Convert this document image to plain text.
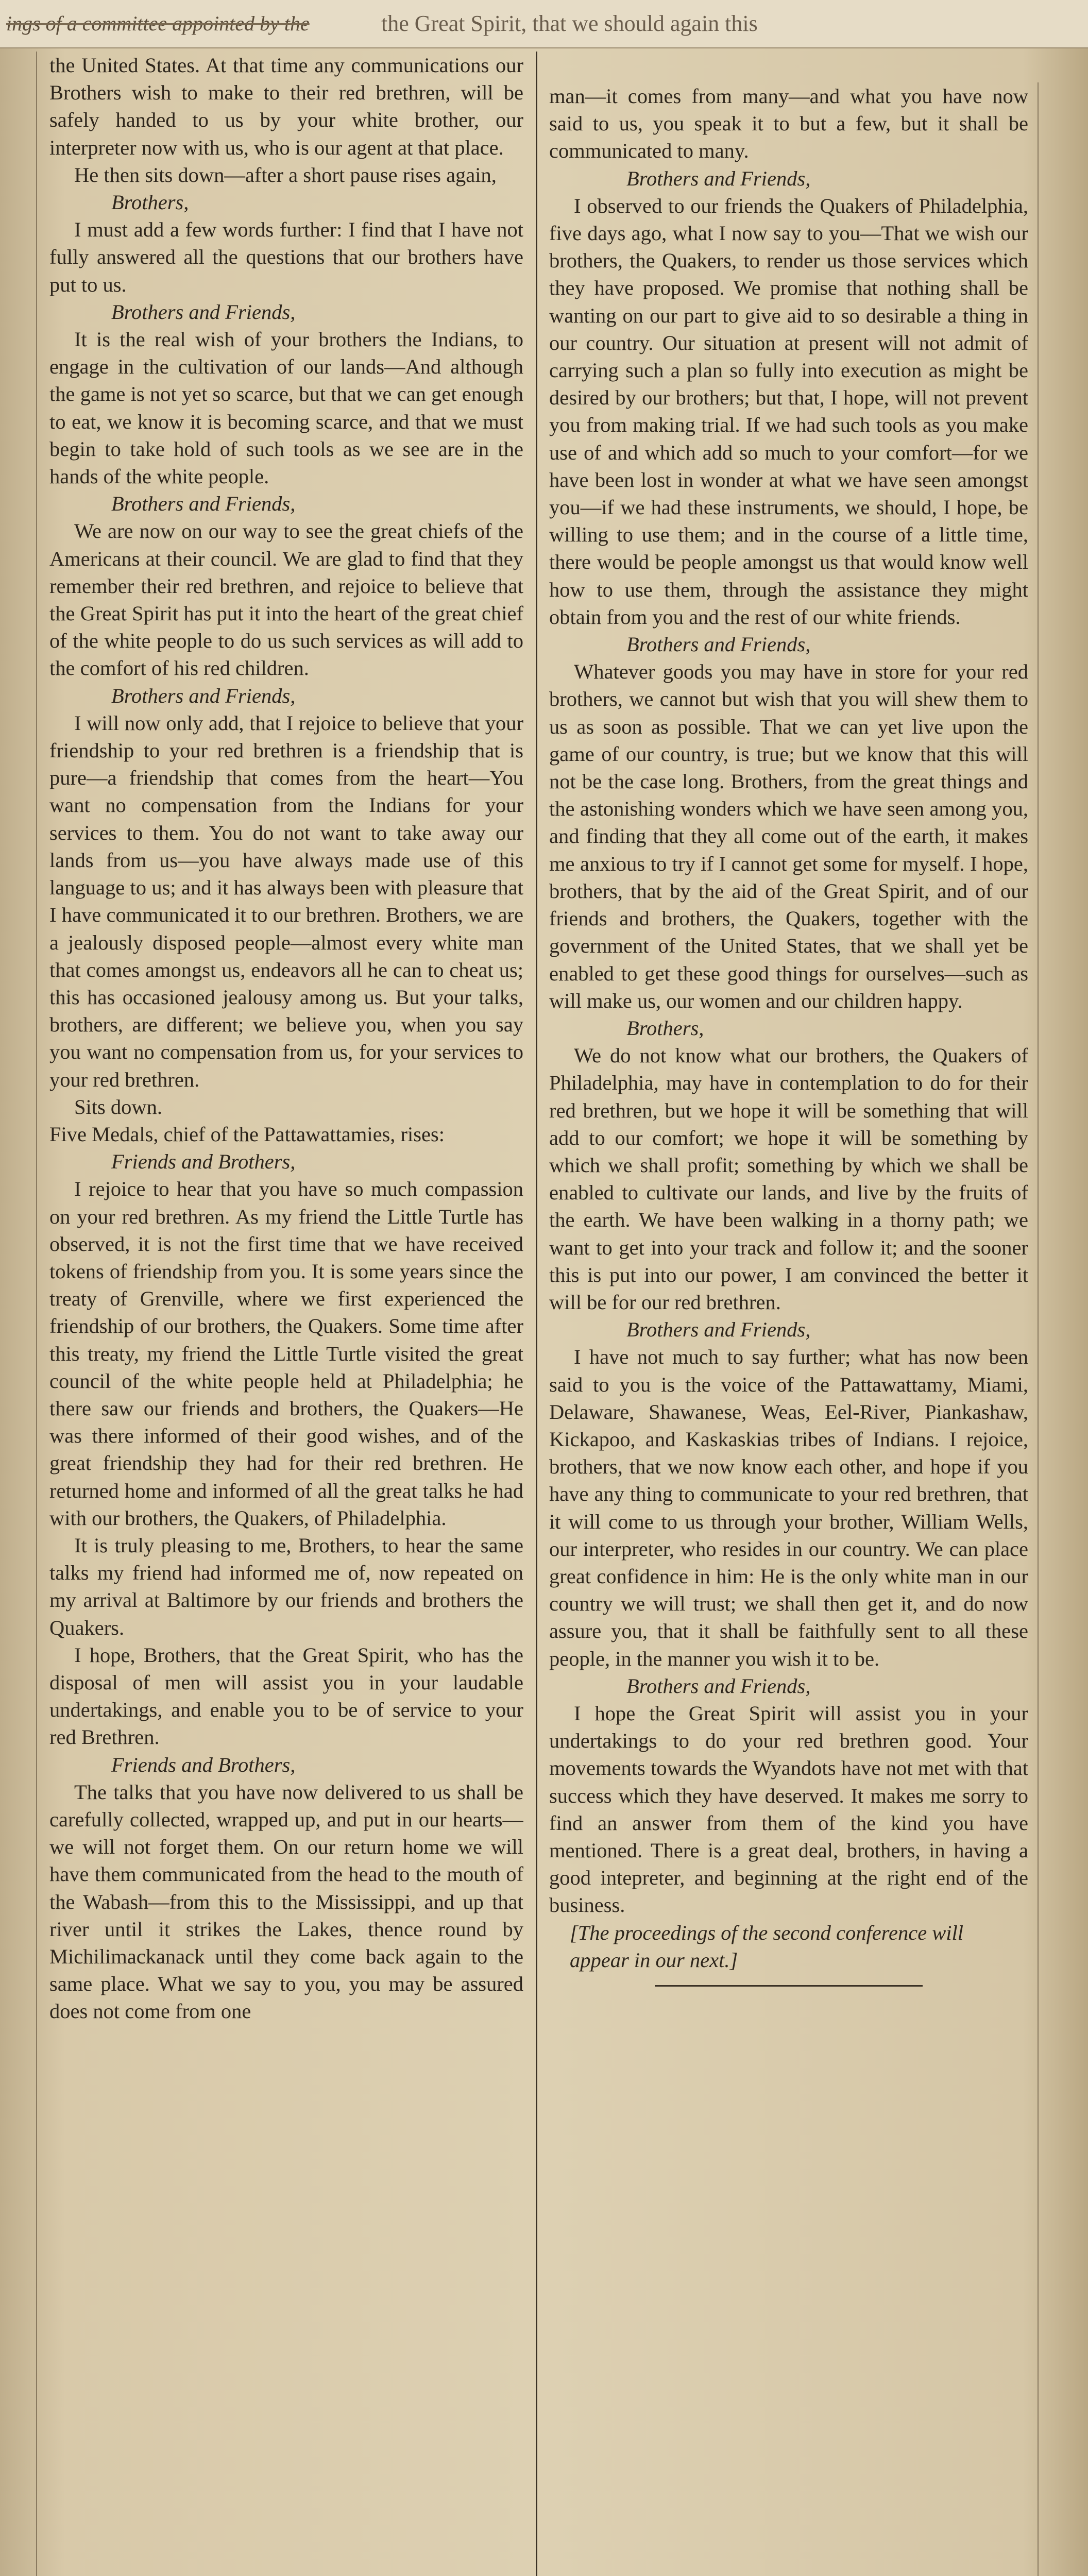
ings of a committee appointed by the	the Great Spirit, that we should again this

the United States. At that time any communications our Brothers wish to make to their red brethren, will be safely handed to us by your white brother, our interpreter now with us, who is our agent at that place.

He then sits down—after a short pause rises again,

Brothers,

I must add a few words further: I find that I have not fully answered all the questions that our brothers have put to us.

Brothers and Friends,

It is the real wish of your brothers the Indians, to engage in the cultivation of our lands—And although the game is not yet so scarce, but that we can get enough to eat, we know it is becoming scarce, and that we must begin to take hold of such tools as we see are in the hands of the white people.

Brothers and Friends,

We are now on our way to see the great chiefs of the Americans at their council. We are glad to find that they remember their red brethren, and rejoice to believe that the Great Spirit has put it into the heart of the great chief of the white people to do us such services as will add to the comfort of his red children.

Brothers and Friends,

I will now only add, that I rejoice to believe that your friendship to your red brethren is a friendship that is pure—a friendship that comes from the heart—You want no compensation from the Indians for your services to them. You do not want to take away our lands from us—you have always made use of this language to us; and it has always been with pleasure that I have communicated it to our brethren. Brothers, we are a jealously disposed people—almost every white man that comes amongst us, endeavors all he can to cheat us; this has occasioned jealousy among us. But your talks, brothers, are different; we believe you, when you say you want no compensation from us, for your services to your red brethren.

Sits down.

Five Medals, chief of the Pattawattamies, rises:

Friends and Brothers,

I rejoice to hear that you have so much compassion on your red brethren. As my friend the Little Turtle has observed, it is not the first time that we have received tokens of friendship from you. It is some years since the treaty of Grenville, where we first experienced the friendship of our brothers, the Quakers. Some time after this treaty, my friend the Little Turtle visited the great council of the white people held at Philadelphia; he there saw our friends and brothers, the Quakers—He was there informed of their good wishes, and of the great friendship they had for their red brethren. He returned home and informed of all the great talks he had with our brothers, the Quakers, of Philadelphia.

It is truly pleasing to me, Brothers, to hear the same talks my friend had informed me of, now repeated on my arrival at Baltimore by our friends and brothers the Quakers.

I hope, Brothers, that the Great Spirit, who has the disposal of men will assist you in your laudable undertakings, and enable you to be of service to your red Brethren.

Friends and Brothers,

The talks that you have now delivered to us shall be carefully collected, wrapped up, and put in our hearts—we will not forget them. On our return home we will have them communicated from the head to the mouth of the Wabash—from this to the Mississippi, and up that river until it strikes the Lakes, thence round by Michilimackanack until they come back again to the same place. What we say to you, you may be assured does not come from one

man—it comes from many—and what you have now said to us, you speak it to but a few, but it shall be communicated to many.

Brothers and Friends,

I observed to our friends the Quakers of Philadelphia, five days ago, what I now say to you—That we wish our brothers, the Quakers, to render us those services which they have proposed. We promise that nothing shall be wanting on our part to give aid to so desirable a thing in our country. Our situation at present will not admit of carrying such a plan so fully into execution as might be desired by our brothers; but that, I hope, will not prevent you from making trial. If we had such tools as you make use of and which add so much to your comfort—for we have been lost in wonder at what we have seen amongst you—if we had these instruments, we should, I hope, be willing to use them; and in the course of a little time, there would be people amongst us that would know well how to use them, through the assistance they might obtain from you and the rest of our white friends.

Brothers and Friends,

Whatever goods you may have in store for your red brothers, we cannot but wish that you will shew them to us as soon as possible. That we can yet live upon the game of our country, is true; but we know that this will not be the case long. Brothers, from the great things and the astonishing wonders which we have seen among you, and finding that they all come out of the earth, it makes me anxious to try if I cannot get some for myself. I hope, brothers, that by the aid of the Great Spirit, and of our friends and brothers, the Quakers, together with the government of the United States, that we shall yet be enabled to get these good things for ourselves—such as will make us, our women and our children happy.

Brothers,

We do not know what our brothers, the Quakers of Philadelphia, may have in contemplation to do for their red brethren, but we hope it will be something that will add to our comfort; we hope it will be something by which we shall profit; something by which we shall be enabled to cultivate our lands, and live by the fruits of the earth. We have been walking in a thorny path; we want to get into your track and follow it; and the sooner this is put into our power, I am convinced the better it will be for our red brethren.

Brothers and Friends,

I have not much to say further; what has now been said to you is the voice of the Pattawattamy, Miami, Delaware, Shawanese, Weas, Eel-River, Piankashaw, Kickapoo, and Kaskaskias tribes of Indians. I rejoice, brothers, that we now know each other, and hope if you have any thing to communicate to your red brethren, that it will come to us through your brother, William Wells, our interpreter, who resides in our country. We can place great confidence in him: He is the only white man in our country we will trust; we shall then get it, and do now assure you, that it shall be faithfully sent to all these people, in the manner you wish it to be.

Brothers and Friends,

I hope the Great Spirit will assist you in your undertakings to do your red brethren good. Your movements towards the Wyandots have not met with that success which they have deserved. It makes me sorry to find an answer from them of the kind you have mentioned. There is a great deal, brothers, in having a good intepreter, and beginning at the right end of the business.

[The proceedings of the second conference will appear in our next.]
